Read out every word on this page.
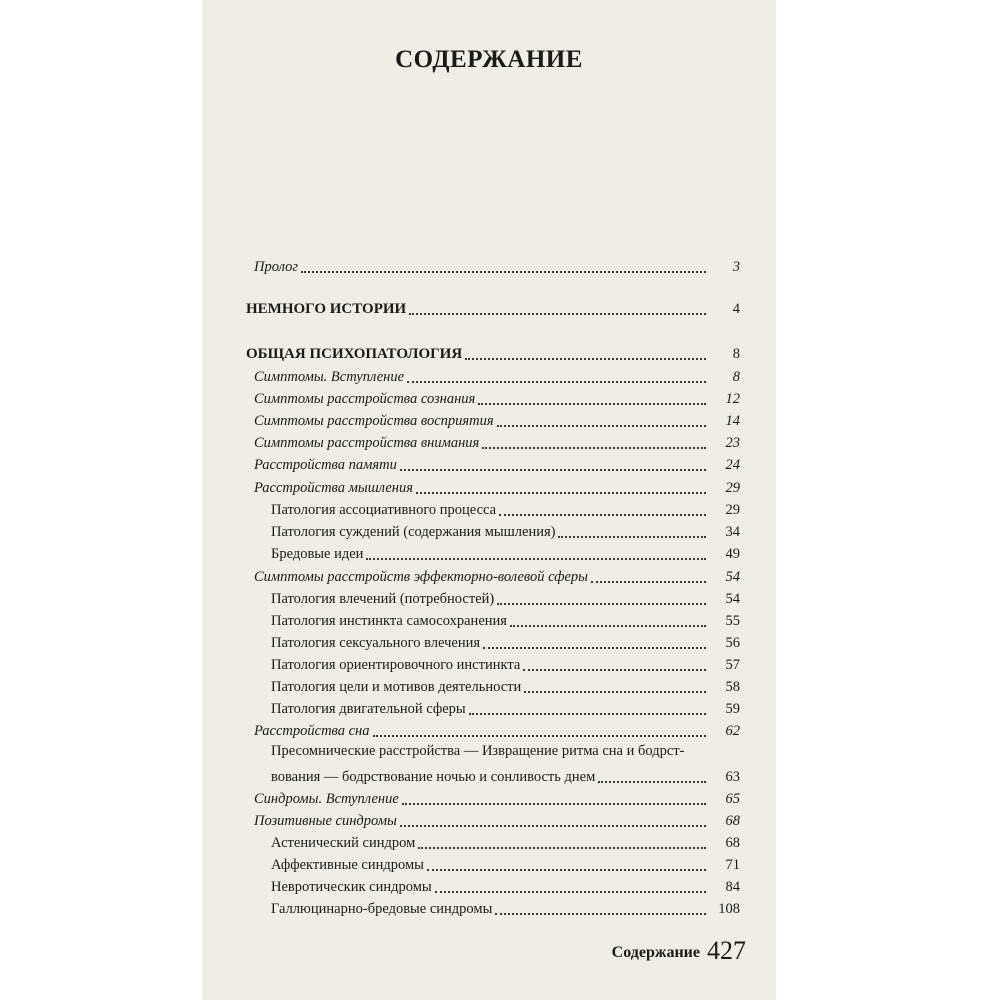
СОДЕРЖАНИЕ
Пролог	3
НЕМНОГО ИСТОРИИ	4
ОБЩАЯ ПСИХОПАТОЛОГИЯ	8
Симптомы. Вступление	8
Симптомы расстройства сознания	12
Симптомы расстройства восприятия	14
Симптомы расстройства внимания	23
Расстройства памяти	24
Расстройства мышления	29
Патология ассоциативного процесса	29
Патология суждений (содержания мышления)	34
Бредовые идеи	49
Симптомы расстройств эффекторно-волевой сферы	54
Патология влечений (потребностей)	54
Патология инстинкта самосохранения	55
Патология сексуального влечения	56
Патология ориентировочного инстинкта	57
Патология цели и мотивов деятельности	58
Патология двигательной сферы	59
Расстройства сна	62
Пресомнические расстройства — Извращение ритма сна и бодрст-
вования — бодрствование ночью и сонливость днем	63
Синдромы. Вступление	65
Позитивные синдромы	68
Астенический синдром	68
Аффективные синдромы	71
Невротическик синдромы	84
Галлюцинарно-бредовые синдромы	108
Содержание 427
